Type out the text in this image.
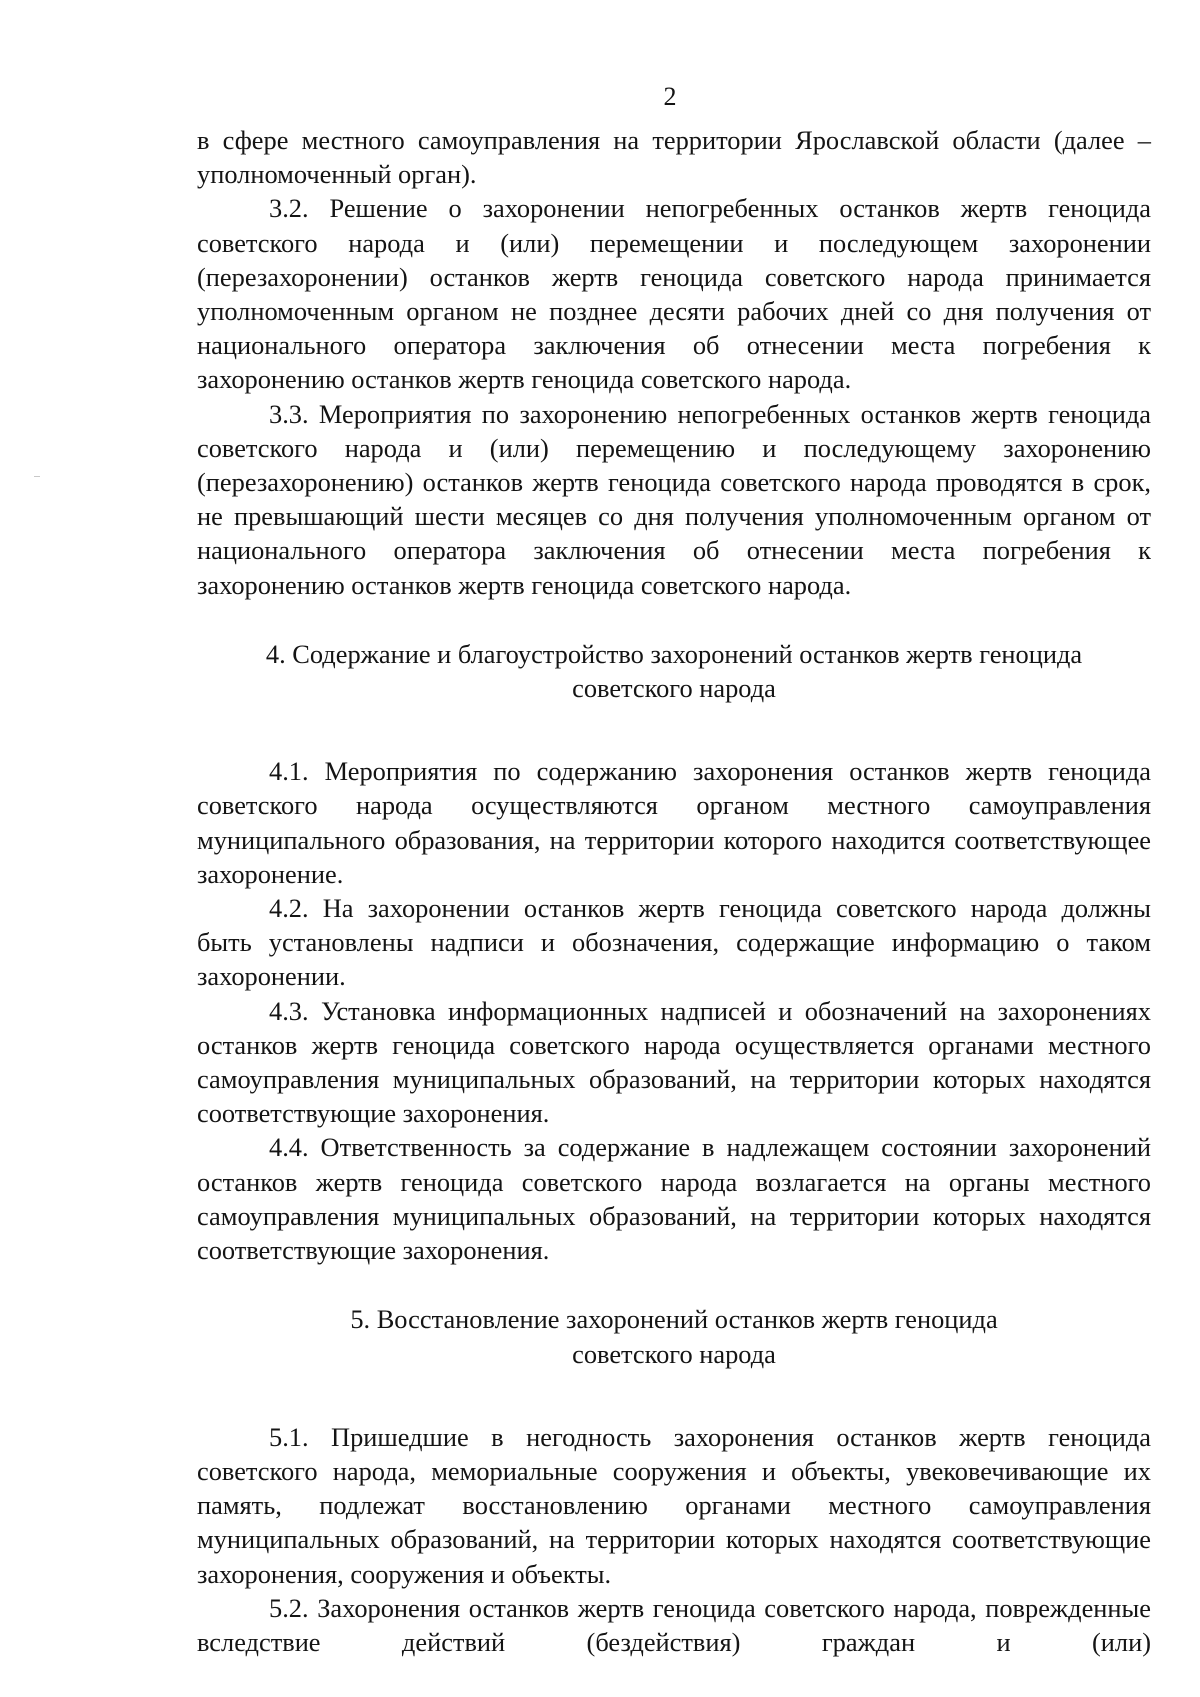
2

в сфере местного самоуправления на территории Ярославской области (далее – уполномоченный орган).

3.2. Решение о захоронении непогребенных останков жертв геноцида советского народа и (или) перемещении и последующем захоронении (перезахоронении) останков жертв геноцида советского народа принимается уполномоченным органом не позднее десяти рабочих дней со дня получения от национального оператора заключения об отнесении места погребения к захоронению останков жертв геноцида советского народа.

3.3. Мероприятия по захоронению непогребенных останков жертв геноцида советского народа и (или) перемещению и последующему захоронению (перезахоронению) останков жертв геноцида советского народа проводятся в срок, не превышающий шести месяцев со дня получения уполномоченным органом от национального оператора заключения об отнесении места погребения к захоронению останков жертв геноцида советского народа.

4. Содержание и благоустройство захоронений останков жертв геноцида
советского народа

4.1. Мероприятия по содержанию захоронения останков жертв геноцида советского народа осуществляются органом местного самоуправления муниципального образования, на территории которого находится соответствующее захоронение.

4.2. На захоронении останков жертв геноцида советского народа должны быть установлены надписи и обозначения, содержащие информацию о таком захоронении.

4.3. Установка информационных надписей и обозначений на захоронениях останков жертв геноцида советского народа осуществляется органами местного самоуправления муниципальных образований, на территории которых находятся соответствующие захоронения.

4.4. Ответственность за содержание в надлежащем состоянии захоронений останков жертв геноцида советского народа возлагается на органы местного самоуправления муниципальных образований, на территории которых находятся соответствующие захоронения.

5. Восстановление захоронений останков жертв геноцида
советского народа

5.1. Пришедшие в негодность захоронения останков жертв геноцида советского народа, мемориальные сооружения и объекты, увековечивающие их память, подлежат восстановлению органами местного самоуправления муниципальных образований, на территории которых находятся соответствующие захоронения, сооружения и объекты.

5.2. Захоронения останков жертв геноцида советского народа, поврежденные вследствие действий (бездействия) граждан и (или)
